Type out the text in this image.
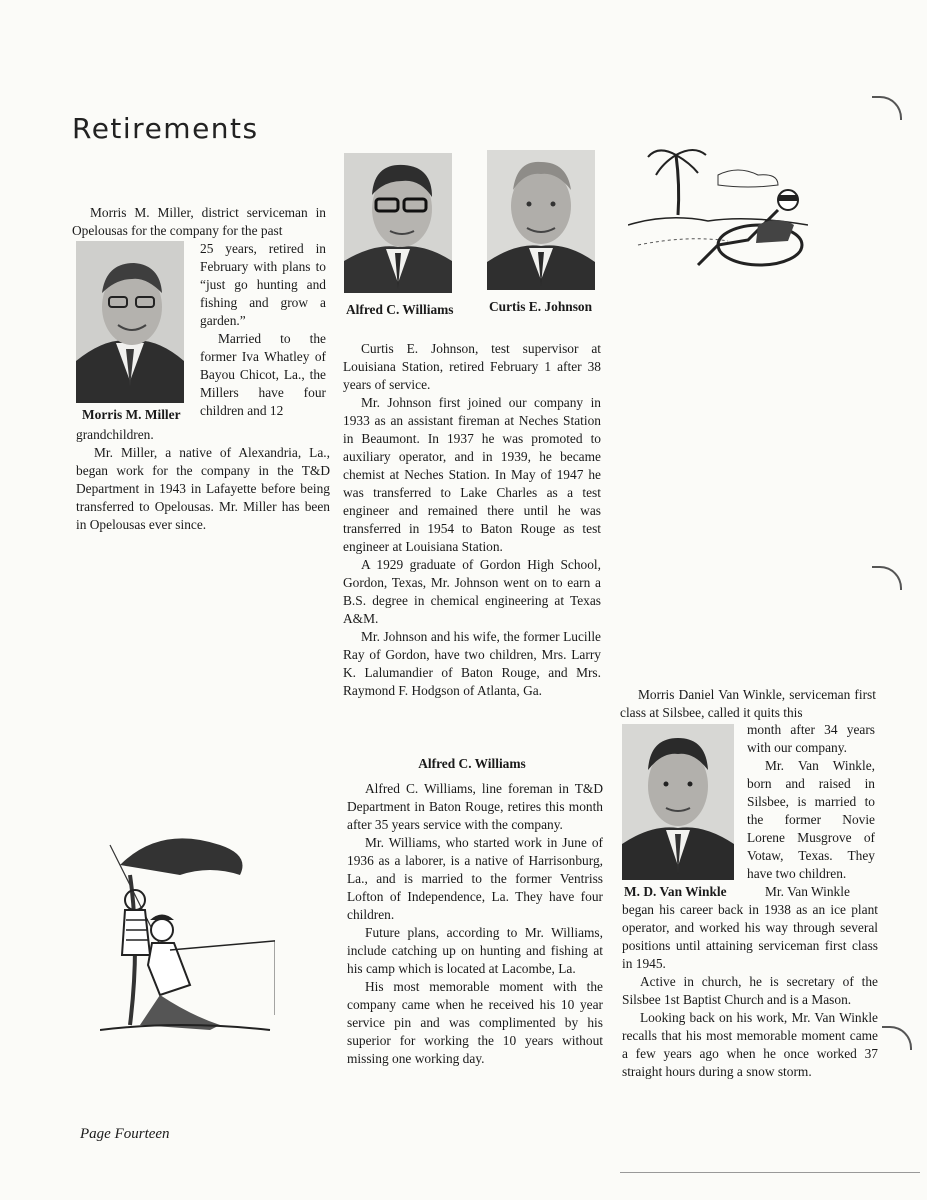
Retirements
Morris M. Miller, district serviceman in Opelousas for the company for the past
Morris M. Miller
25 years, retired in February with plans to “just go hunting and fishing and grow a garden.”
Married to the former Iva Whatley of Bayou Chicot, La., the Millers have four children and 12
grandchildren.
Mr. Miller, a native of Alexandria, La., began work for the company in the T&D Department in 1943 in Lafayette before being transferred to Opelousas. Mr. Miller has been in Opelousas ever since.
Page Fourteen
Alfred C. Williams	Curtis E. Johnson

Curtis E. Johnson, test supervisor at Louisiana Station, retired February 1 after 38 years of service.

Mr. Johnson first joined our company in 1933 as an assistant fireman at Neches Station in Beaumont. In 1937 he was promoted to auxiliary operator, and in 1939, he became chemist at Neches Station. In May of 1947 he was transferred to Lake Charles as a test engineer and remained there until he was transferred in 1954 to Baton Rouge as test engineer at Louisiana Station.

A 1929 graduate of Gordon High School, Gordon, Texas, Mr. Johnson went on to earn a B.S. degree in chemical engineering at Texas A&M.

Mr. Johnson and his wife, the former Lucille Ray of Gordon, have two children, Mrs. Larry K. Lalumandier of Baton Rouge, and Mrs. Raymond F. Hodgson of Atlanta, Ga.

Alfred C. Williams

Alfred C. Williams, line foreman in T&D Department in Baton Rouge, retires this month after 35 years service with the company.

Mr. Williams, who started work in June of 1936 as a laborer, is a native of Harrisonburg, La., and is married to the former Ventriss Lofton of Independence, La. They have four children.

Future plans, according to Mr. Williams, include catching up on hunting and fishing at his camp which is located at Lacombe, La.

His most memorable moment with the company came when he received his 10 year service pin and was complimented by his superior for working the 10 years without missing one working day.

Morris Daniel Van Winkle, serviceman first class at Silsbee, called it quits this
M. D. Van Winkle
month after 34 years with our company.
Mr. Van Winkle, born and raised in Silsbee, is married to the former Novie Lorene Musgrove of Votaw, Texas. They have two children.
Mr. Van Winkle

began his career back in 1938 as an ice plant operator, and worked his way through several positions until attaining serviceman first class in 1945.

Active in church, he is secretary of the Silsbee 1st Baptist Church and is a Mason.

Looking back on his work, Mr. Van Winkle recalls that his most memorable moment came a few years ago when he once worked 37 straight hours during a snow storm.
